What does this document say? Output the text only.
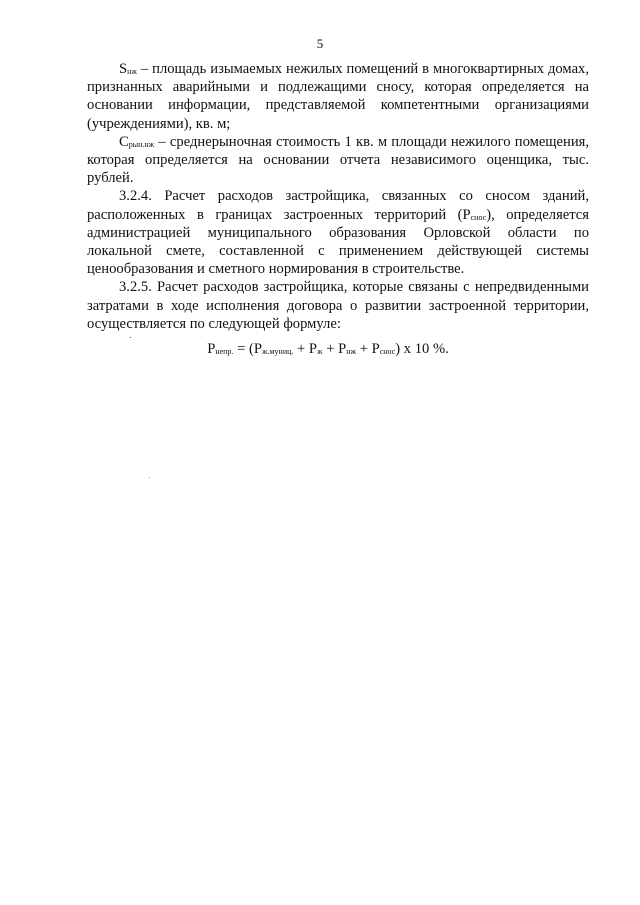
5

$S_{нж}$ – площадь изымаемых нежилых помещений в многоквартирных домах, признанных аварийными и подлежащими сносу, которая определяется на основании информации, представляемой компетентными организациями (учреждениями), кв. м;

$C_{рын.нж}$ – среднерыночная стоимость 1 кв. м площади нежилого помещения, которая определяется на основании отчета независимого оценщика, тыс. рублей.

3.2.4. Расчет расходов застройщика, связанных со сносом зданий, расположенных в границах застроенных территорий $(P_{снос})$, определяется администрацией муниципального образования Орловской области по локальной смете, составленной с применением действующей системы ценообразования и сметного нормирования в строительстве.

3.2.5. Расчет расходов застройщика, которые связаны с непредвиденными затратами в ходе исполнения договора о развитии застроенной территории, осуществляется по следующей формуле:

$P_{непр.} = (P_{ж.муниц.} + P_ж + P_{нж} + P_{снос})$ x 10 %.
